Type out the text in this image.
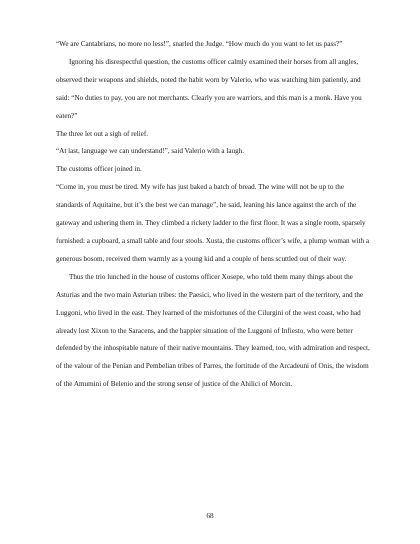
“We are Cantabrians, no more no less!”, snarled the Judge. “How much do you want to let us pass?”

Ignoring his disrespectful question, the customs officer calmly examined their horses from all angles, observed their weapons and shields, noted the habit worn by Valerio, who was watching him patiently, and said: “No duties to pay, you are not merchants. Clearly you are warriors, and this man is a monk. Have you eaten?”

The three let out a sigh of relief.

“At last, language we can understand!”, said Valerio with a laugh.

The customs officer joined in.

“Come in, you must be tired. My wife has just baked a batch of bread. The wine will not be up to the standards of Aquitaine, but it’s the best we can manage”, he said, leaning his lance against the arch of the gateway and ushering them in. They climbed a rickety ladder to the first floor. It was a single room, sparsely furnished: a cupboard, a small table and four stools. Xusta, the customs officer’s wife, a plump woman with a generous bosom, received them warmly as a young kid and a couple of hens scuttled out of their way.

Thus the trio lunched in the house of customs officer Xosepe, who told them many things about the Asturias and the two main Asturian tribes: the Paesici, who lived in the western part of the territory, and the Luggoni, who lived in the east. They learned of the misfortunes of the Cilurgini of the west coast, who had already lost Xixon to the Saracens, and the happier situation of the Luggoni of Infiesto, who were better defended by the inhospitable nature of their native mountains. They learned, too, with admiration and respect, of the valour of the Penian and Pembelian tribes of Parres, the fortitude of the Arcadeuni of Onis, the wisdom of the Amumini of Belenio and the strong sense of justice of the Ahilici of Morcin.

68
